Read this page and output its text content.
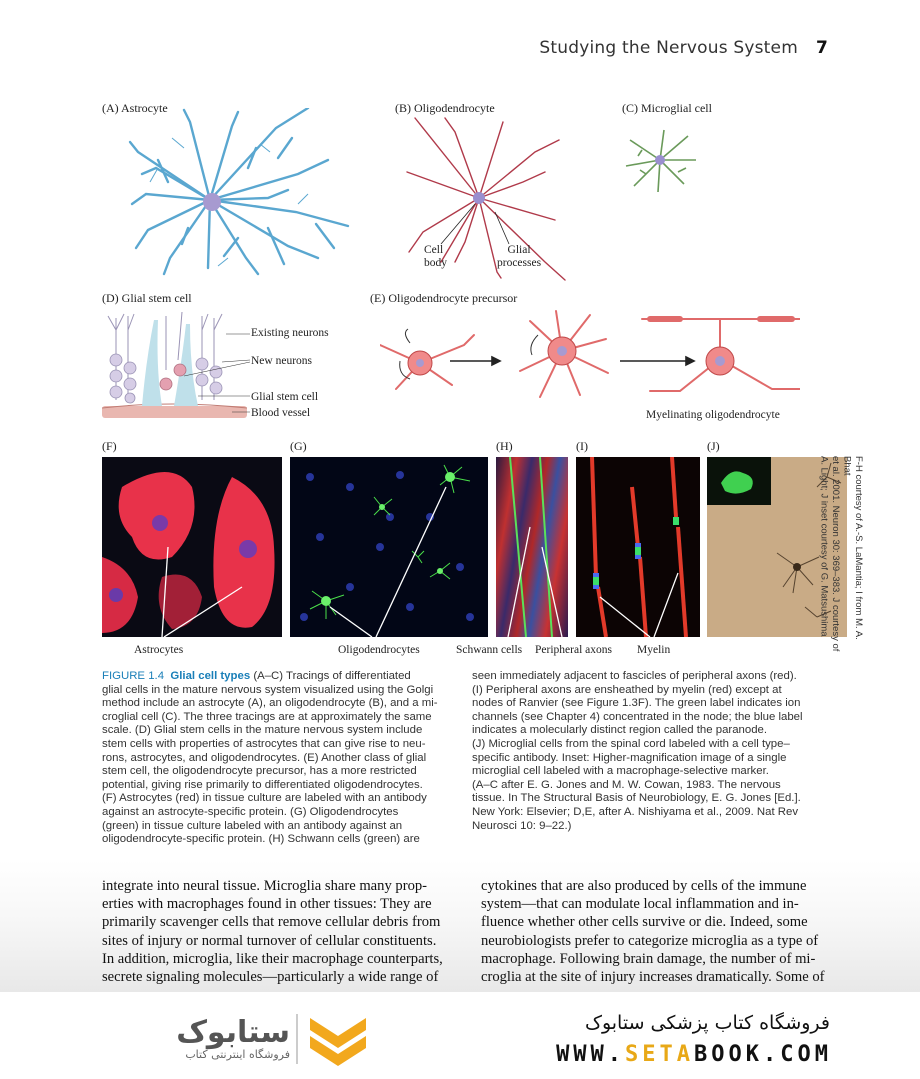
Studying the Nervous System 7
(A) Astrocyte	(B) Oligodendrocyte	(C) Microglial cell
(D) Glial stem cell	(E) Oligodendrocyte precursor
Cell
body
Glial
processes
Existing neurons
New neurons
Glial stem cell
Blood vessel	Myelinating oligodendrocyte
(F)	(G)	(H)	(I)	(J)
F-H courtesy of A.-S. LaMantia; I from M. A. Bhat
et al. 2001. Neuron 30: 369–383. J courtesy of
A. Light; J inset courtesy of G. Matsushima
Astrocytes	Oligodendrocytes	Schwann cells Peripheral axons Myelin
FIGURE 1.4 Glial cell types (A–C) Tracings of differentiated
glial cells in the mature nervous system visualized using the Golgi
method include an astrocyte (A), an oligodendrocyte (B), and a mi-
croglial cell (C). The three tracings are at approximately the same
scale. (D) Glial stem cells in the mature nervous system include
stem cells with properties of astrocytes that can give rise to neu-
rons, astrocytes, and oligodendrocytes. (E) Another class of glial
stem cell, the oligodendrocyte precursor, has a more restricted
potential, giving rise primarily to differentiated oligodendrocytes.
(F) Astrocytes (red) in tissue culture are labeled with an antibody
against an astrocyte-specific protein. (G) Oligodendrocytes
(green) in tissue culture labeled with an antibody against an
oligodendrocyte-specific protein. (H) Schwann cells (green) are
seen immediately adjacent to fascicles of peripheral axons (red).
(I) Peripheral axons are ensheathed by myelin (red) except at
nodes of Ranvier (see Figure 1.3F). The green label indicates ion
channels (see Chapter 4) concentrated in the node; the blue label
indicates a molecularly distinct region called the paranode.
(J) Microglial cells from the spinal cord labeled with a cell type–
specific antibody. Inset: Higher-magnification image of a single
microglial cell labeled with a macrophage-selective marker.
(A–C after E. G. Jones and M. W. Cowan, 1983. The nervous
tissue. In The Structural Basis of Neurobiology, E. G. Jones [Ed.].
New York: Elsevier; D,E, after A. Nishiyama et al., 2009. Nat Rev
Neurosci 10: 9–22.)
integrate into neural tissue. Microglia share many prop-
erties with macrophages found in other tissues: They are
primarily scavenger cells that remove cellular debris from
sites of injury or normal turnover of cellular constituents.
In addition, microglia, like their macrophage counterparts,
secrete signaling molecules—particularly a wide range of
cytokines that are also produced by cells of the immune
system—that can modulate local inflammation and in-
fluence whether other cells survive or die. Indeed, some
neurobiologists prefer to categorize microglia as a type of
macrophage. Following brain damage, the number of mi-
croglia at the site of injury increases dramatically. Some of
ستابوک
فروشگاه اینترنتی کتاب
فروشگاه کتاب پزشکی ستابوک
WWW.SETABOOK.COM
